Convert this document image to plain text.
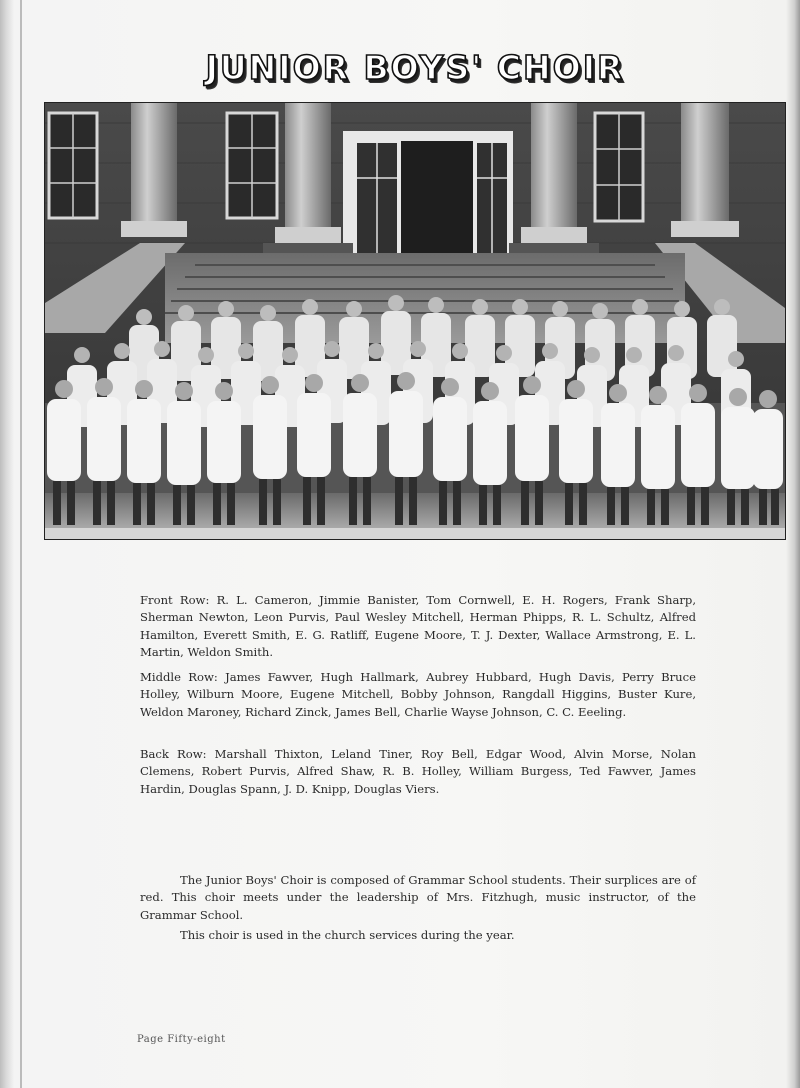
JUNIOR BOYS' CHOIR

Front Row: R. L. Cameron, Jimmie Banister, Tom Cornwell, E. H. Rogers, Frank Sharp, Sherman Newton, Leon Purvis, Paul Wesley Mitchell, Herman Phipps, R. L. Schultz, Alfred Hamilton, Everett Smith, E. G. Ratliff, Eugene Moore, T. J. Dexter, Wallace Armstrong, E. L. Martin, Weldon Smith.

Middle Row: James Fawver, Hugh Hallmark, Aubrey Hubbard, Hugh Davis, Perry Bruce Holley, Wilburn Moore, Eugene Mitchell, Bobby Johnson, Rangdall Higgins, Buster Kure, Weldon Maroney, Richard Zinck, James Bell, Charlie Wayse Johnson, C. C. Eeeling.

Back Row: Marshall Thixton, Leland Tiner, Roy Bell, Edgar Wood, Alvin Morse, Nolan Clemens, Robert Purvis, Alfred Shaw, R. B. Holley, William Burgess, Ted Fawver, James Hardin, Douglas Spann, J. D. Knipp, Douglas Viers.

The Junior Boys' Choir is composed of Grammar School students. Their surplices are of red. This choir meets under the leadership of Mrs. Fitzhugh, music instructor, of the Grammar School.

This choir is used in the church services during the year.

Page Fifty-eight
